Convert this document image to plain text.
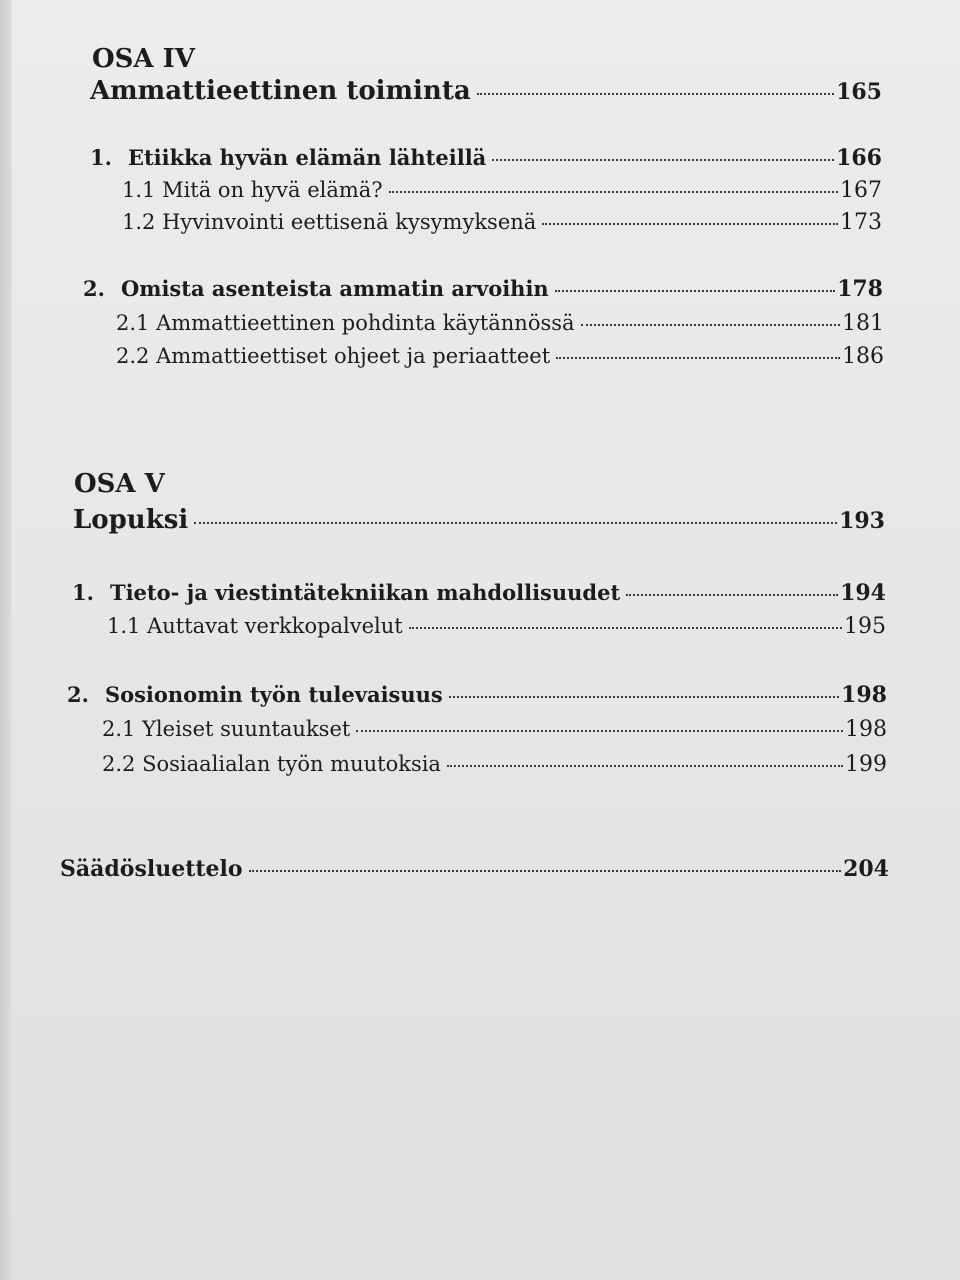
OSA IV
Ammattieettinen toiminta	165
1. Etiikka hyvän elämän lähteillä	166
1.1 Mitä on hyvä elämä?	167
1.2 Hyvinvointi eettisenä kysymyksenä	173
2. Omista asenteista ammatin arvoihin	178
2.1 Ammattieettinen pohdinta käytännössä	181
2.2 Ammattieettiset ohjeet ja periaatteet	186
OSA V
Lopuksi	193
1. Tieto- ja viestintätekniikan mahdollisuudet	194
1.1 Auttavat verkkopalvelut	195
2. Sosionomin työn tulevaisuus	198
2.1 Yleiset suuntaukset	198
2.2 Sosiaalialan työn muutoksia	199
Säädösluettelo	204
